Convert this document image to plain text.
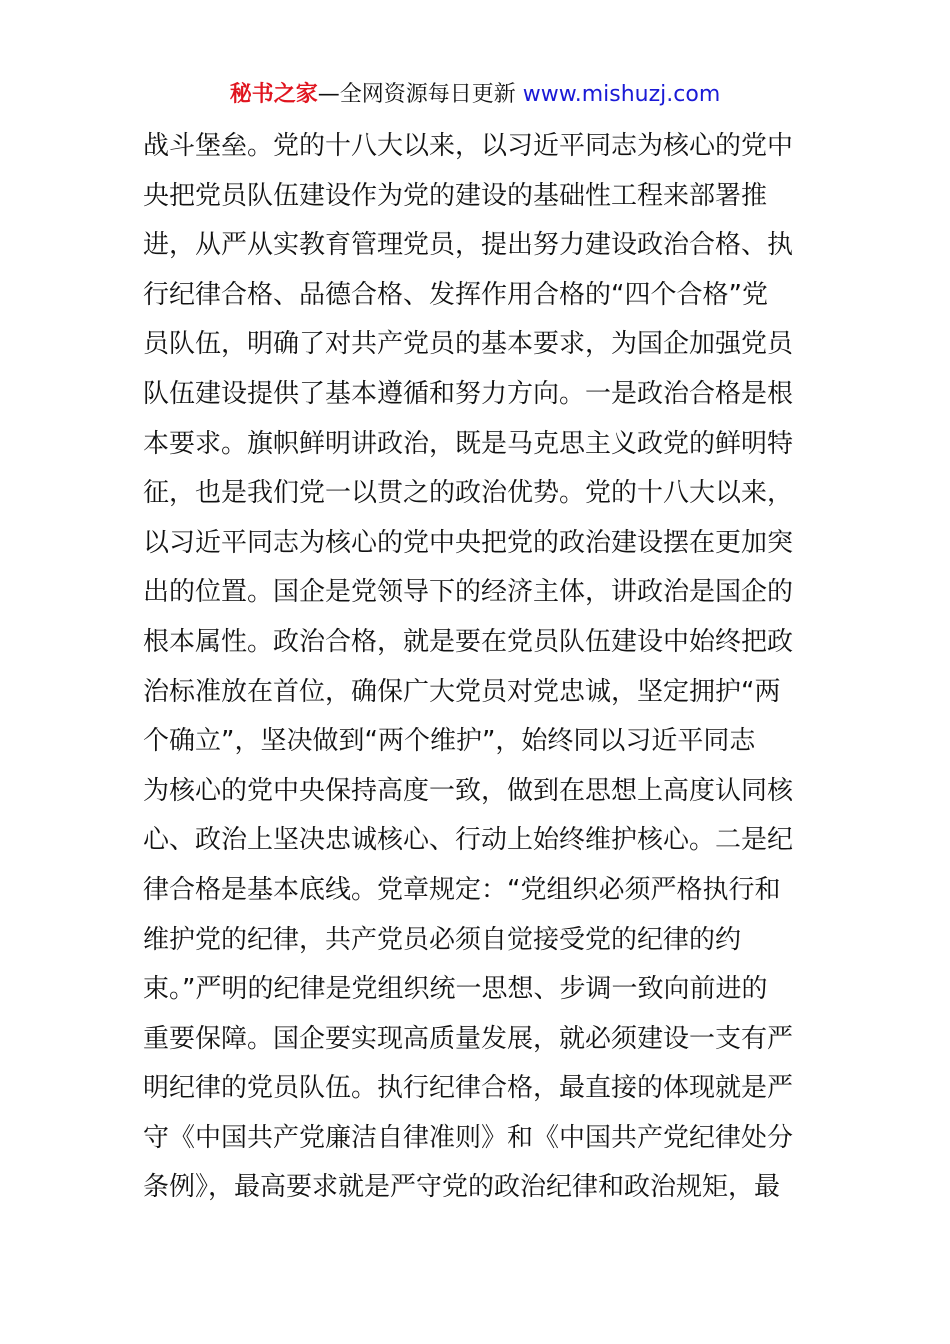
秘书之家—全网资源每日更新 www.mishuzj.com
战斗堡垒。党的十八大以来，以习近平同志为核心的党中
央把党员队伍建设作为党的建设的基础性工程来部署推
进，从严从实教育管理党员，提出努力建设政治合格、执
行纪律合格、品德合格、发挥作用合格的“四个合格”党
员队伍，明确了对共产党员的基本要求，为国企加强党员
队伍建设提供了基本遵循和努力方向。一是政治合格是根
本要求。旗帜鲜明讲政治，既是马克思主义政党的鲜明特
征，也是我们党一以贯之的政治优势。党的十八大以来，
以习近平同志为核心的党中央把党的政治建设摆在更加突
出的位置。国企是党领导下的经济主体，讲政治是国企的
根本属性。政治合格，就是要在党员队伍建设中始终把政
治标准放在首位，确保广大党员对党忠诚，坚定拥护“两
个确立”，坚决做到“两个维护”，始终同以习近平同志
为核心的党中央保持高度一致，做到在思想上高度认同核
心、政治上坚决忠诚核心、行动上始终维护核心。二是纪
律合格是基本底线。党章规定：“党组织必须严格执行和
维护党的纪律，共产党员必须自觉接受党的纪律的约
束。”严明的纪律是党组织统一思想、步调一致向前进的
重要保障。国企要实现高质量发展，就必须建设一支有严
明纪律的党员队伍。执行纪律合格，最直接的体现就是严
守《中国共产党廉洁自律准则》和《中国共产党纪律处分
条例》，最高要求就是严守党的政治纪律和政治规矩，最
